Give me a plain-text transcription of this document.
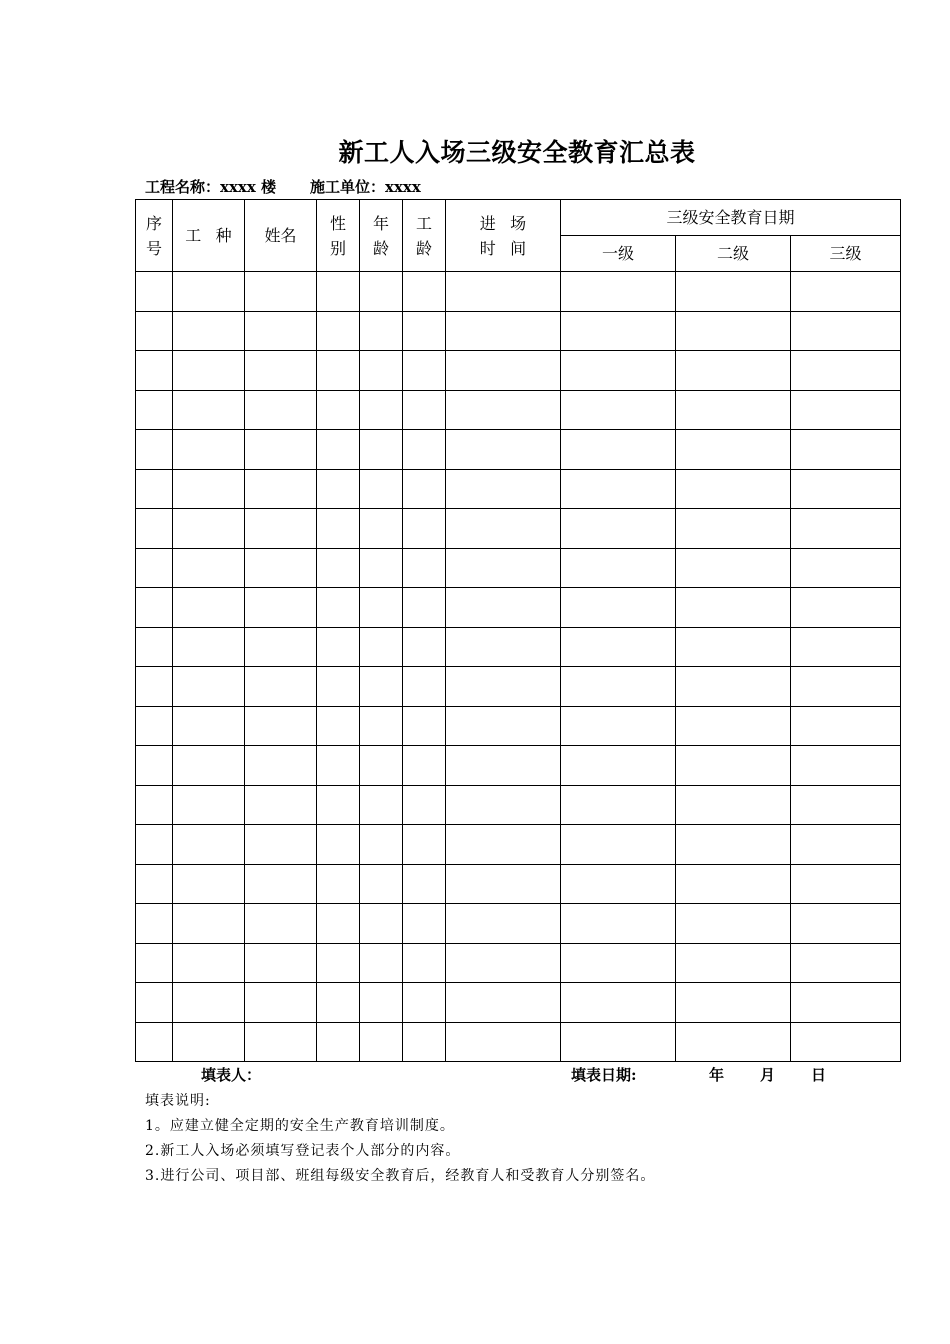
新工人入场三级安全教育汇总表
工程名称：xxxx 楼 施工单位：xxxx
序号	工种	姓名	性别	年龄	工龄	进场
时间	三级安全教育日期		
							一级	二级	三级

填表人：	填表日期:	年 月 日
填表说明:
1。应建立健全定期的安全生产教育培训制度。
2.新工人入场必须填写登记表个人部分的内容。
3.进行公司、项目部、班组每级安全教育后，经教育人和受教育人分别签名。
